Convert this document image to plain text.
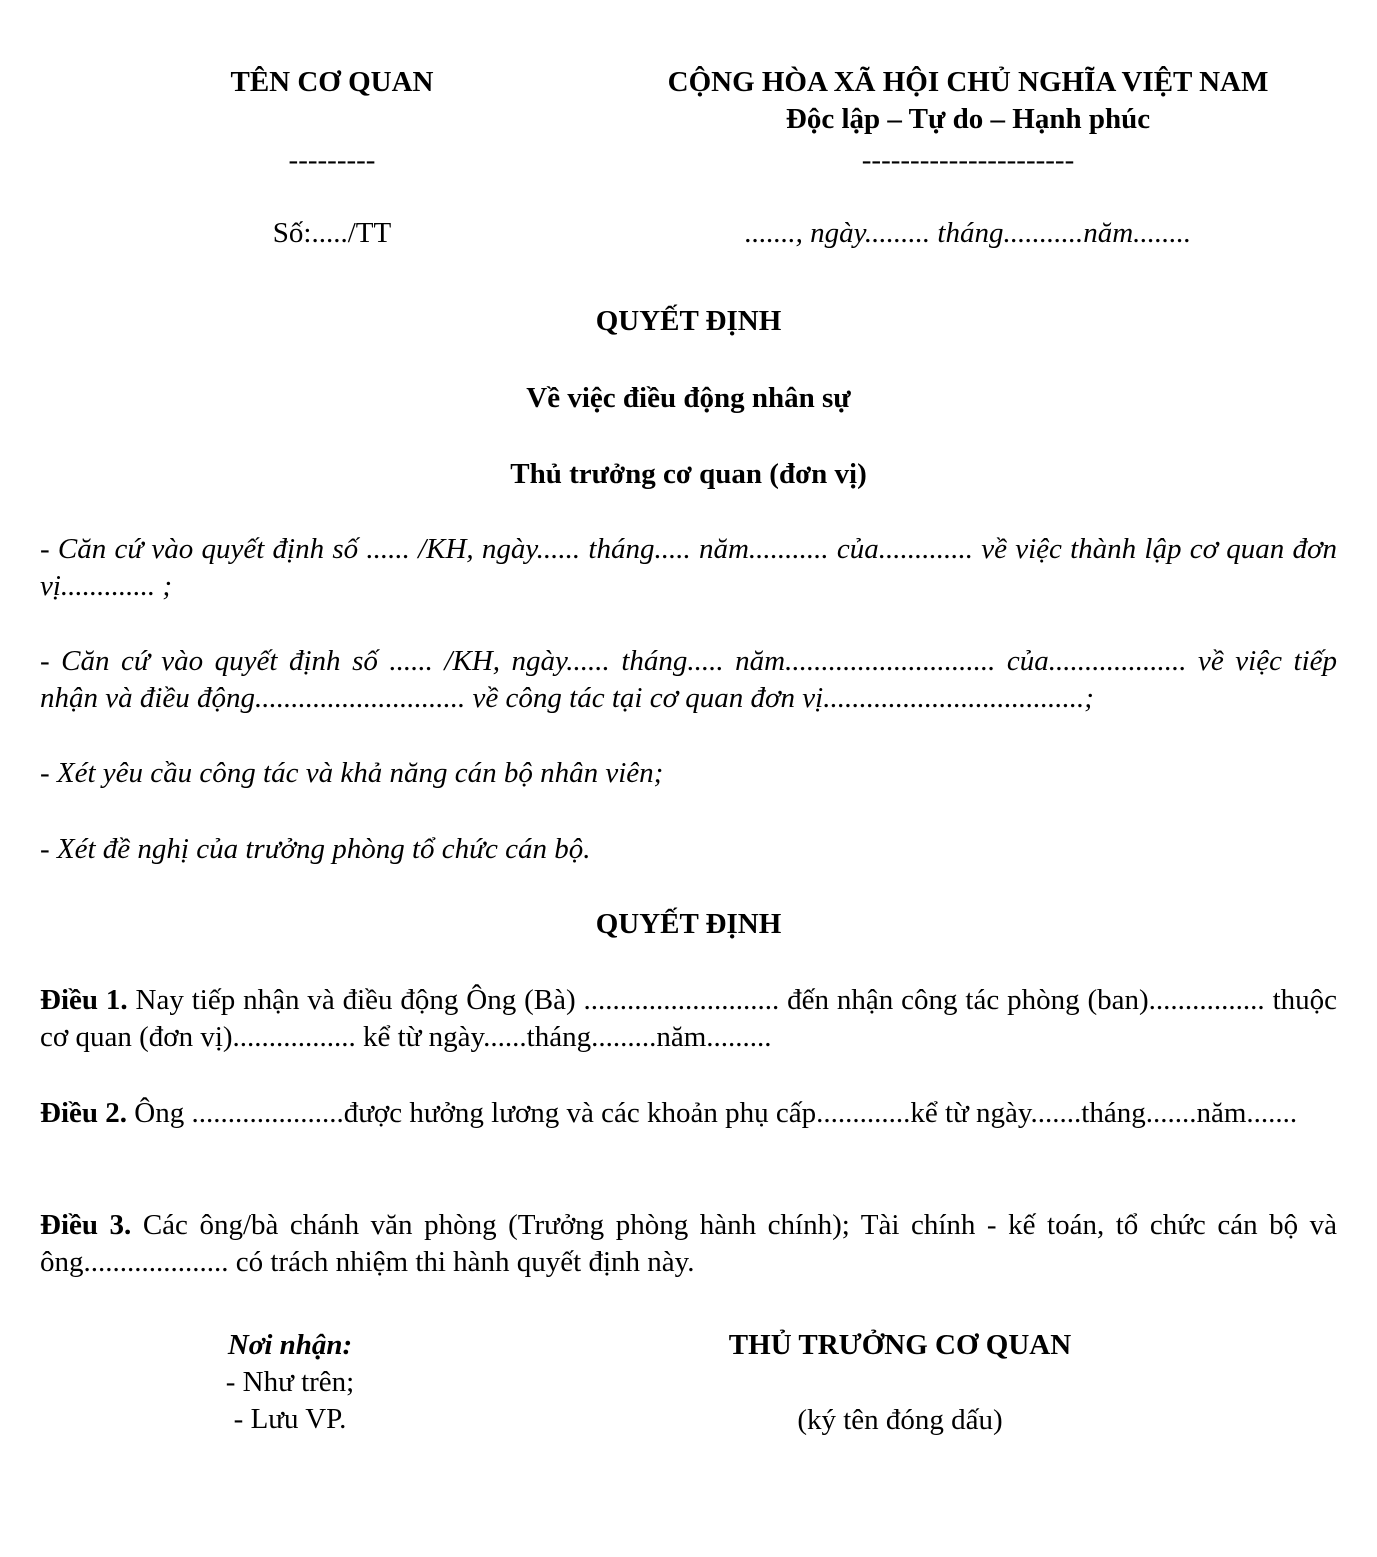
TÊN CƠ QUAN
---------
CỘNG HÒA XÃ HỘI CHỦ NGHĨA VIỆT NAM
Độc lập – Tự do – Hạnh phúc
----------------------
Số:...../TT	......., ngày......... tháng...........năm........
QUYẾT ĐỊNH
Về việc điều động nhân sự
Thủ trưởng cơ quan (đơn vị)
- Căn cứ vào quyết định số ...... /KH, ngày...... tháng..... năm........... của............. về việc thành lập cơ quan đơn vị............. ;
- Căn cứ vào quyết định số ...... /KH, ngày...... tháng..... năm............................. của................... về việc tiếp nhận và điều động............................. về công tác tại cơ quan đơn vị....................................;
- Xét yêu cầu công tác và khả năng cán bộ nhân viên;
- Xét đề nghị của trưởng phòng tổ chức cán bộ.
QUYẾT ĐỊNH
Điều 1. Nay tiếp nhận và điều động Ông (Bà) ........................... đến nhận công tác phòng (ban)................ thuộc cơ quan (đơn vị)................. kể từ ngày......tháng.........năm.........
Điều 2. Ông .....................được hưởng lương và các khoản phụ cấp.............kể từ ngày.......tháng.......năm.......
Điều 3. Các ông/bà chánh văn phòng (Trưởng phòng hành chính); Tài chính - kế toán, tổ chức cán bộ và ông.................... có trách nhiệm thi hành quyết định này.
Nơi nhận:
- Như trên;
- Lưu VP.
THỦ TRƯỞNG CƠ QUAN
(ký tên đóng dấu)
